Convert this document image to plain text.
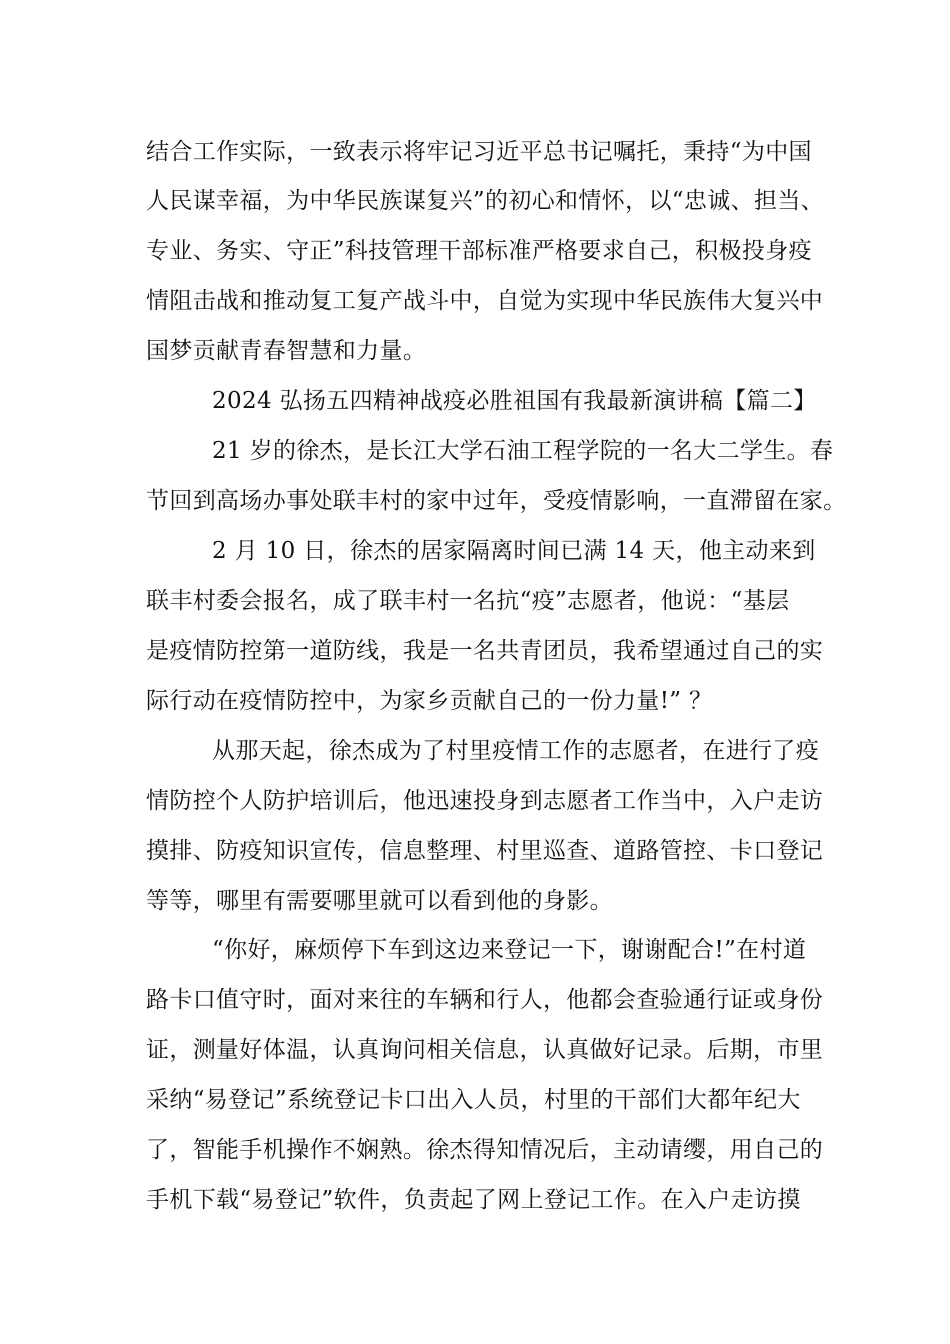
结合工作实际，一致表示将牢记习近平总书记嘱托，秉持“为中国
人民谋幸福，为中华民族谋复兴”的初心和情怀，以“忠诚、担当、
专业、务实、守正”科技管理干部标准严格要求自己，积极投身疫
情阻击战和推动复工复产战斗中，自觉为实现中华民族伟大复兴中
国梦贡献青春智慧和力量。
2024 弘扬五四精神战疫必胜祖国有我最新演讲稿【篇二】
21 岁的徐杰，是长江大学石油工程学院的一名大二学生。春
节回到高场办事处联丰村的家中过年，受疫情影响，一直滞留在家。
2 月 10 日，徐杰的居家隔离时间已满 14 天，他主动来到
联丰村委会报名，成了联丰村一名抗“疫”志愿者，他说：“基层
是疫情防控第一道防线，我是一名共青团员，我希望通过自己的实
际行动在疫情防控中，为家乡贡献自己的一份力量!” ？
从那天起，徐杰成为了村里疫情工作的志愿者，在进行了疫
情防控个人防护培训后，他迅速投身到志愿者工作当中，入户走访
摸排、防疫知识宣传，信息整理、村里巡查、道路管控、卡口登记
等等，哪里有需要哪里就可以看到他的身影。
“你好，麻烦停下车到这边来登记一下，谢谢配合!”在村道
路卡口值守时，面对来往的车辆和行人，他都会查验通行证或身份
证，测量好体温，认真询问相关信息，认真做好记录。后期，市里
采纳“易登记”系统登记卡口出入人员，村里的干部们大都年纪大
了，智能手机操作不娴熟。徐杰得知情况后，主动请缨，用自己的
手机下载“易登记”软件，负责起了网上登记工作。在入户走访摸
